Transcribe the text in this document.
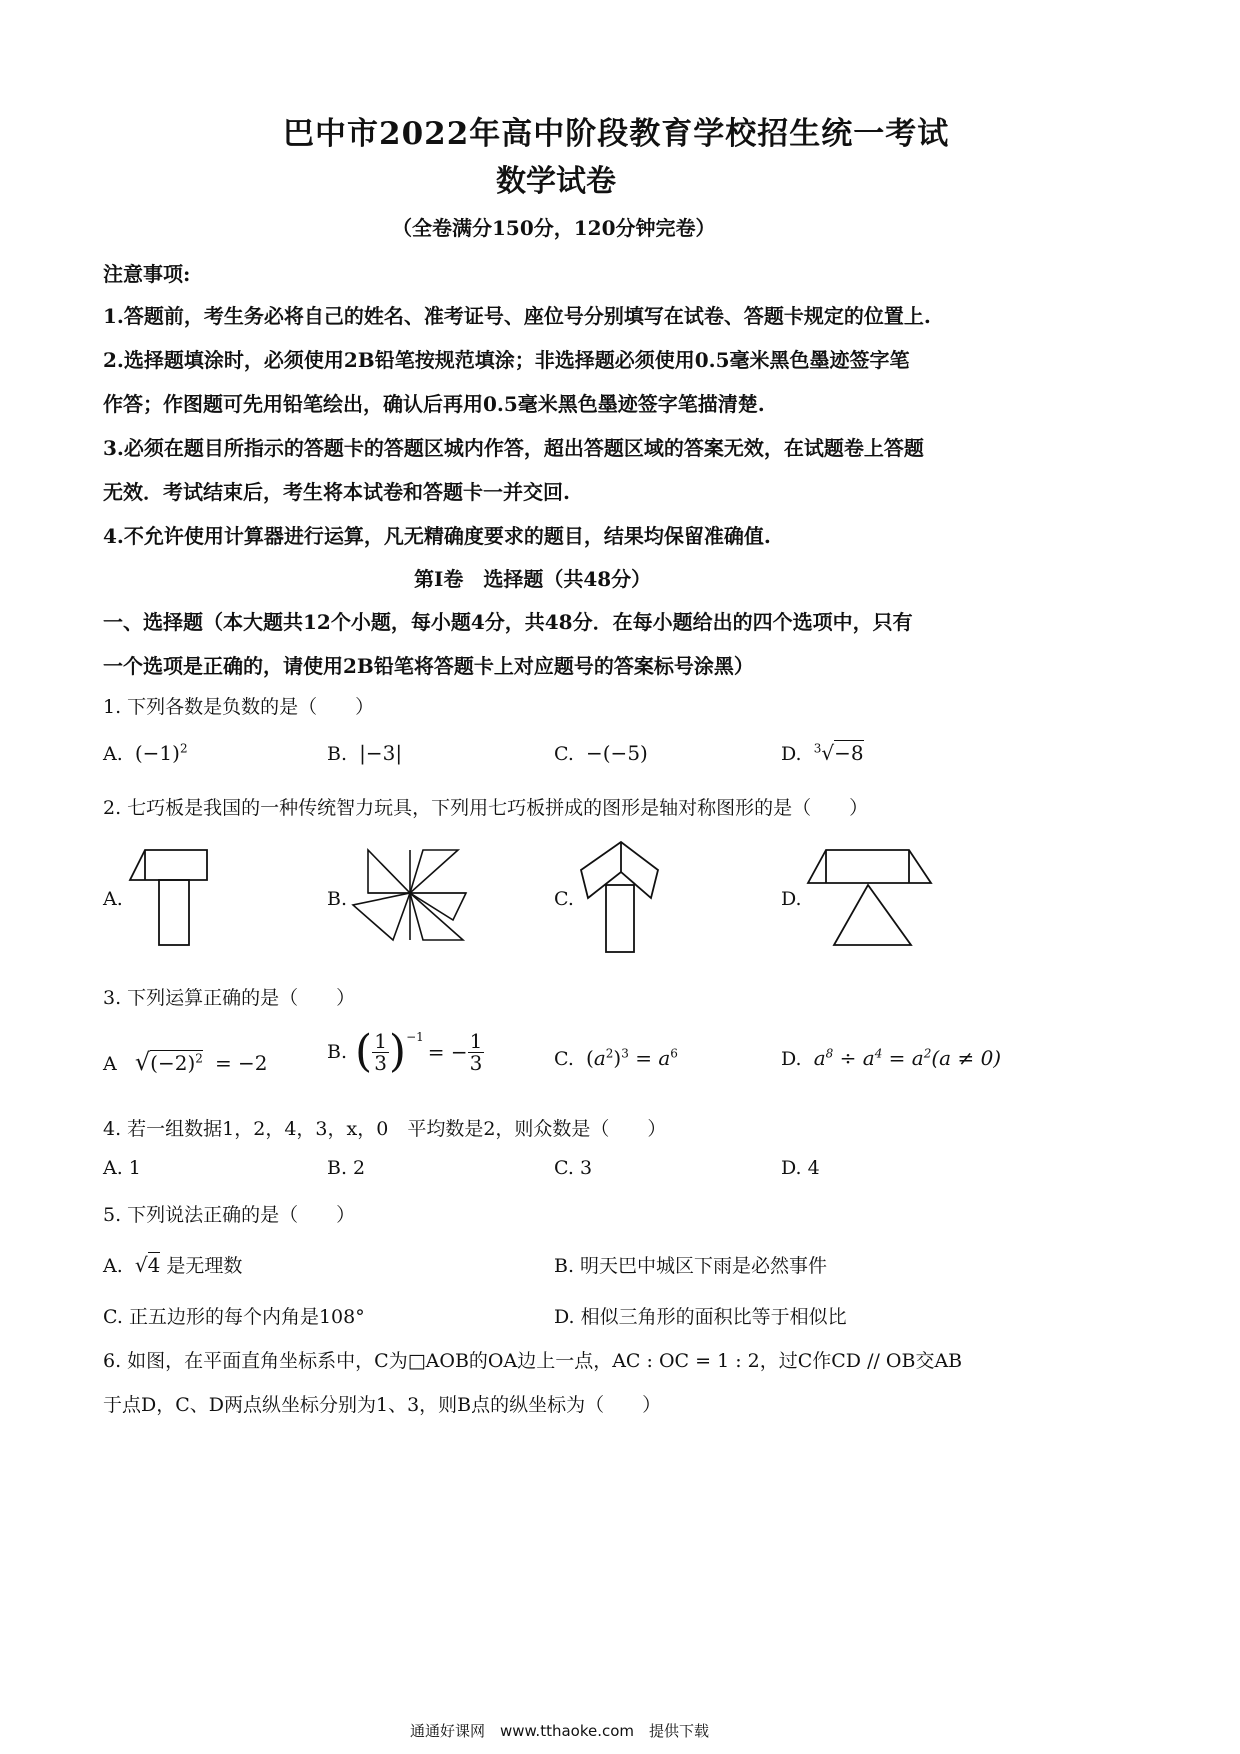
巴中市2022年高中阶段教育学校招生统一考试
数学试卷
（全卷满分150分，120分钟完卷）
注意事项:
1.答题前，考生务必将自己的姓名、准考证号、座位号分别填写在试卷、答题卡规定的位置上.
2.选择题填涂时，必须使用2B铅笔按规范填涂；非选择题必须使用0.5毫米黑色墨迹签字笔
作答；作图题可先用铅笔绘出，确认后再用0.5毫米黑色墨迹签字笔描清楚.
3.必须在题目所指示的答题卡的答题区城内作答，超出答题区域的答案无效，在试题卷上答题
无效．考试结束后，考生将本试卷和答题卡一并交回.
4.不允许使用计算器进行运算，凡无精确度要求的题目，结果均保留准确值.
第Ⅰ卷　选择题（共48分）
一、选择题（本大题共12个小题，每小题4分，共48分．在每小题给出的四个选项中，只有
一个选项是正确的，请使用2B铅笔将答题卡上对应题号的答案标号涂黑）
1. 下列各数是负数的是（　　）
A. $(-1)^2$	B. |−3|	C. −(−5)	D. $^3$√−8
2. 七巧板是我国的一种传统智力玩具，下列用七巧板拼成的图形是轴对称图形的是（　　）
A.	B.	C.	D.
3. 下列运算正确的是（　　）
A $√(-2)^2 = -2$	B. ( $\frac{1}{3} )^{-1}$
= − $\frac{1}{3}$	C. $(a^2)^3 = a^6$	D. $a^8 \div a^4 = a^2(a \ne 0)$
4. 若一组数据1，2，4，3，x，0　平均数是2，则众数是（　　）
A. 1	B. 2	C. 3	D. 4
5. 下列说法正确的是（　　）
A. √4 是无理数	B. 明天巴中城区下雨是必然事件
C. 正五边形的每个内角是108°	D. 相似三角形的面积比等于相似比
6. 如图，在平面直角坐标系中，C为□AOB的OA边上一点，AC : OC = 1 : 2，过C作CD // OB交AB
于点D，C、D两点纵坐标分别为1、3，则B点的纵坐标为（　　）
通通好课网　www.tthaoke.com　提供下载
